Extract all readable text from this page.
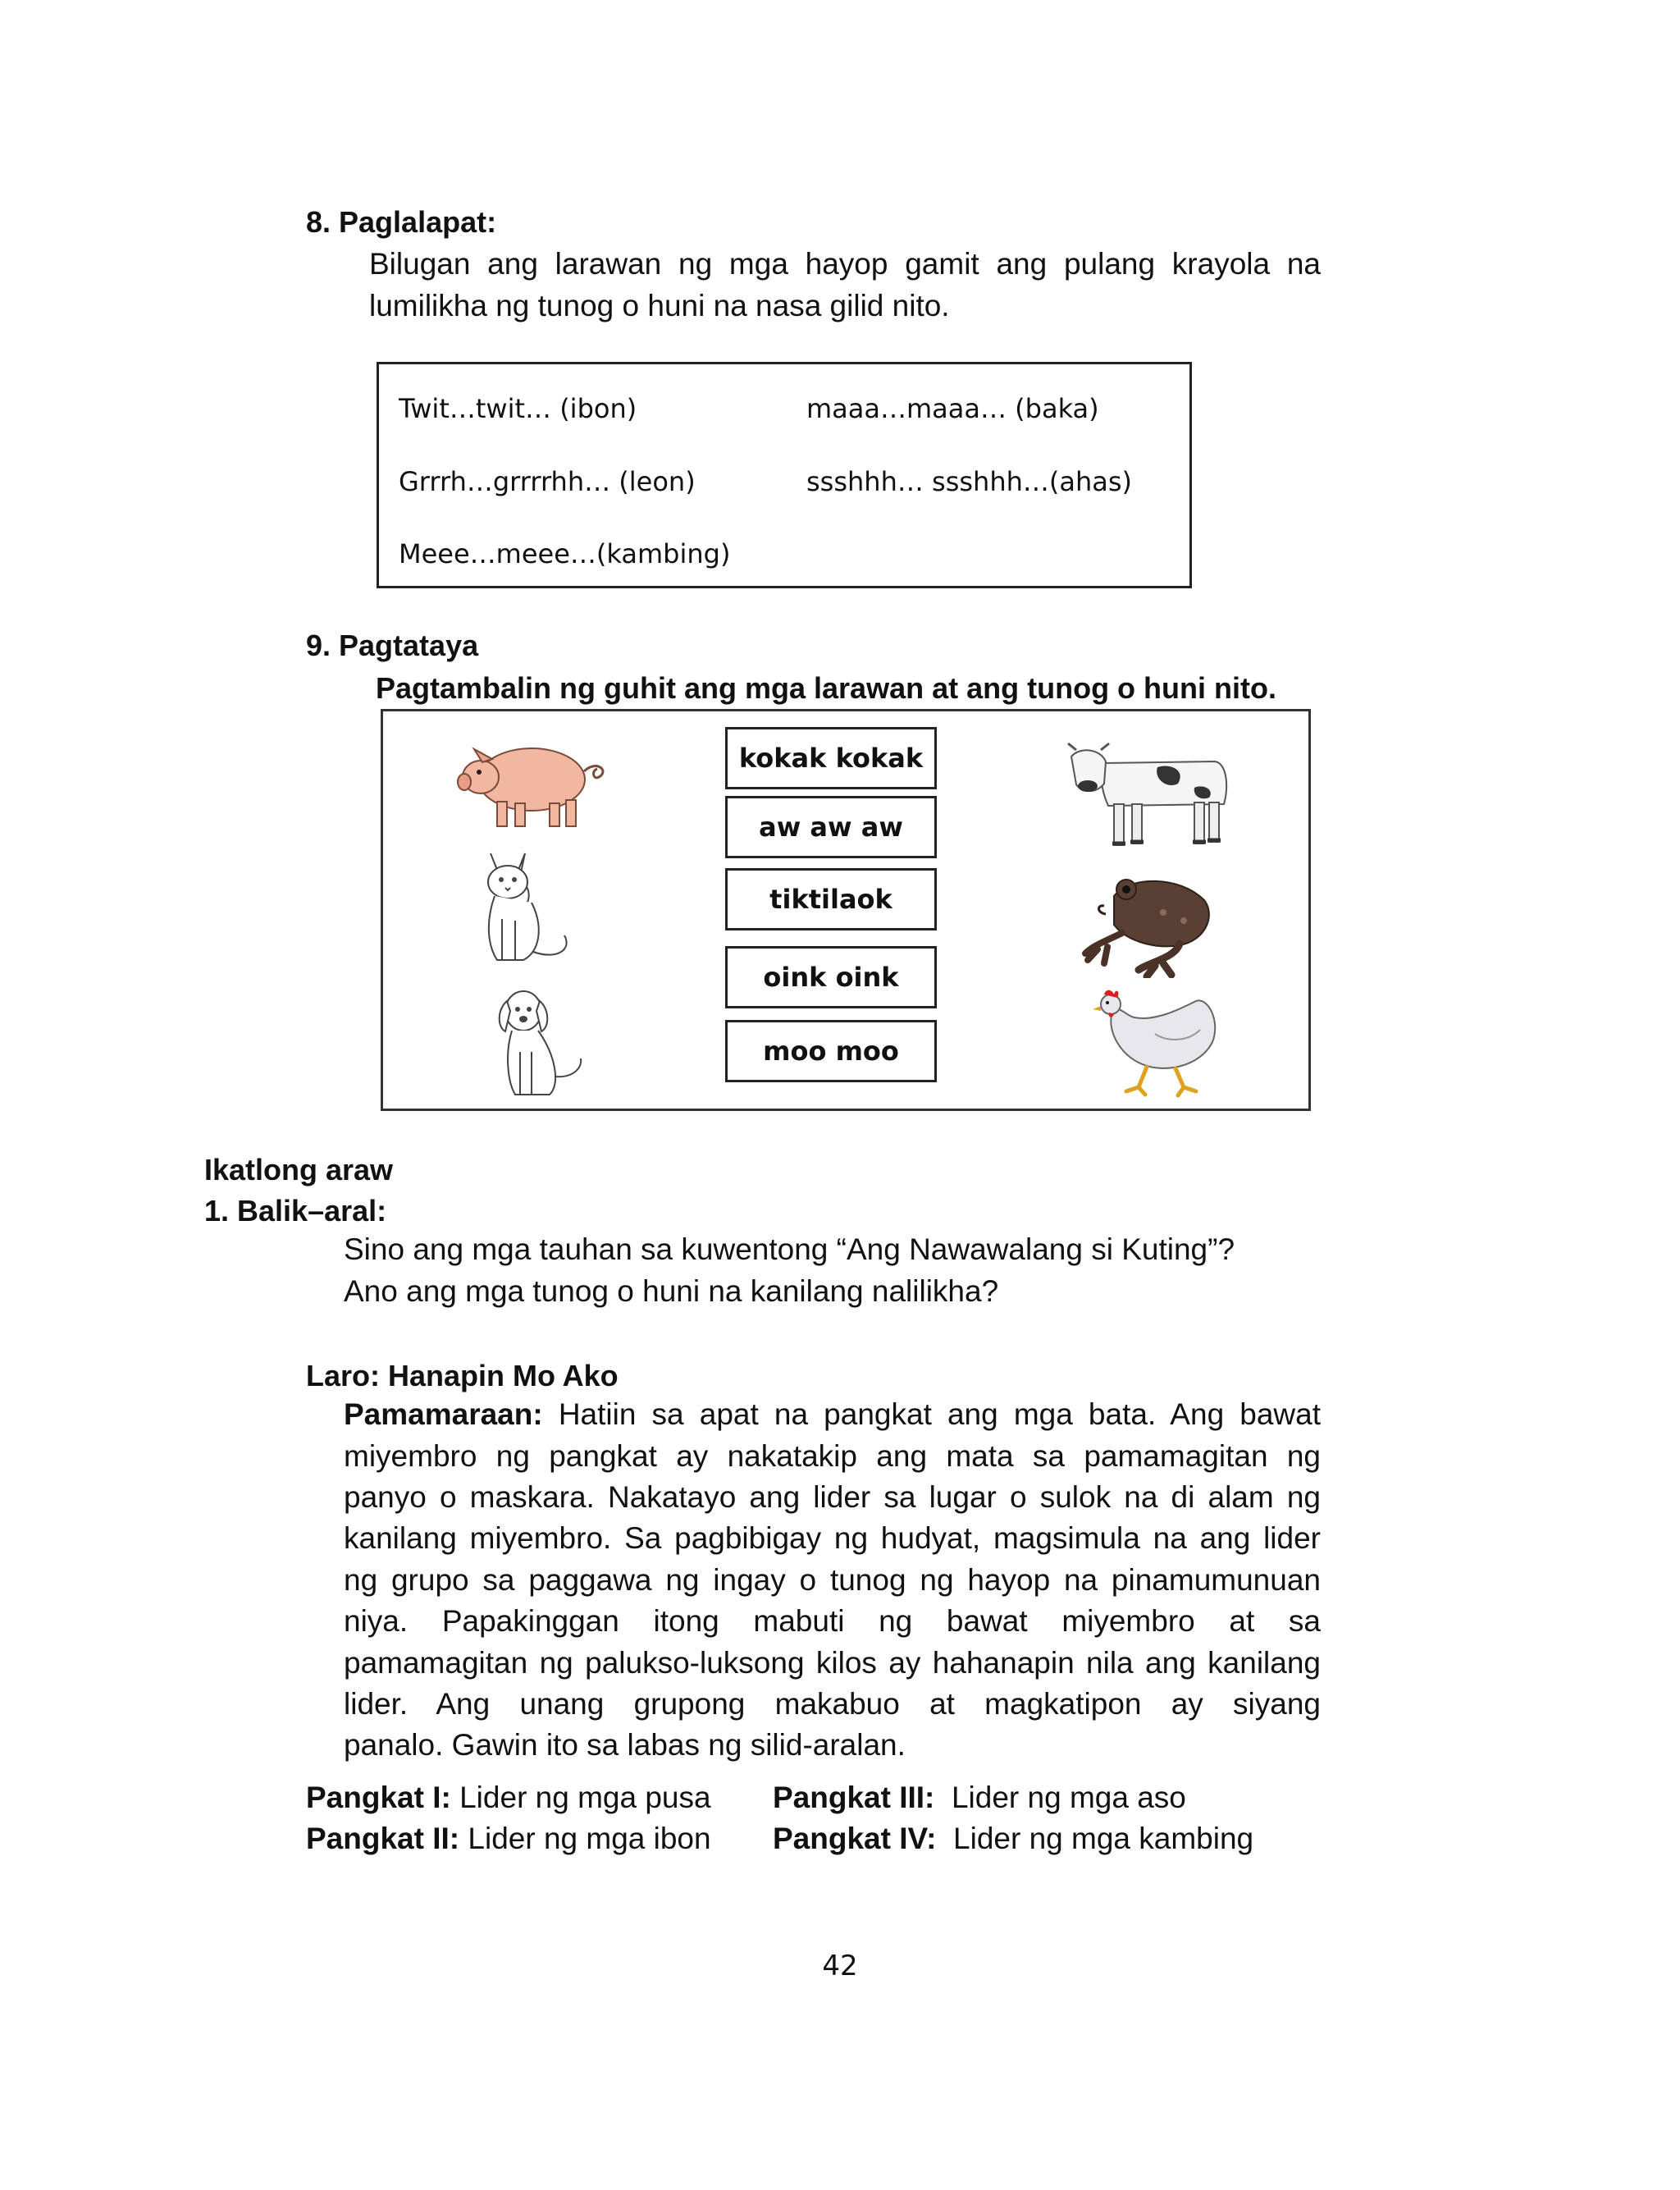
8. Paglalapat:
Bilugan ang larawan ng mga hayop gamit ang pulang krayola na
lumilikha ng tunog o huni na nasa gilid nito.
Twit…twit… (ibon)	maaa…maaa… (baka)
Grrrh…grrrrhh… (leon)	ssshhh… ssshhh…(ahas)
Meee…meee…(kambing)
9. Pagtataya
Pagtambalin ng guhit ang mga larawan at ang tunog o huni nito.
kokak kokak
aw aw aw
tiktilaok
oink oink
moo moo
Ikatlong araw
1. Balik–aral:
Sino ang mga tauhan sa kuwentong “Ang Nawawalang si Kuting”?
Ano ang mga tunog o huni na kanilang nalilikha?
Laro: Hanapin Mo Ako
Pamamaraan: Hatiin sa apat na pangkat ang mga bata. Ang bawat
miyembro ng pangkat ay nakatakip ang mata sa pamamagitan ng
panyo o maskara. Nakatayo ang lider sa lugar o sulok na di alam ng
kanilang miyembro. Sa pagbibigay ng hudyat, magsimula na ang lider
ng grupo sa paggawa ng ingay o tunog ng hayop na pinamumunuan
niya. Papakinggan itong mabuti ng bawat miyembro at sa
pamamagitan ng palukso-luksong kilos ay hahanapin nila ang kanilang
lider. Ang unang grupong makabuo at magkatipon ay siyang
panalo. Gawin ito sa labas ng silid-aralan.
Pangkat I: Lider ng mga pusa Pangkat III: Lider ng mga aso
Pangkat II: Lider ng mga ibon Pangkat IV: Lider ng mga kambing
42
